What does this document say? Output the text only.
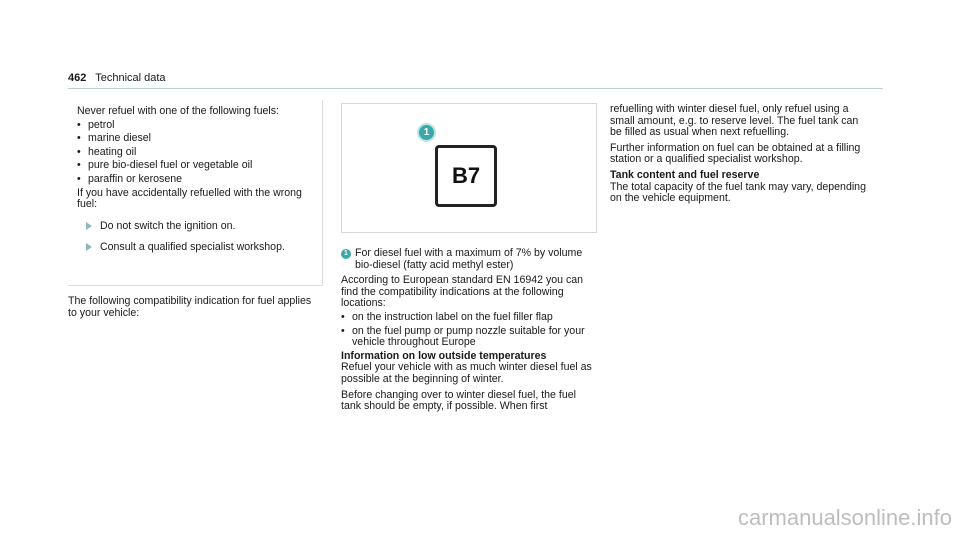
462 Technical data

Never refuel with one of the following fuels:

• petrol
• marine diesel
• heating oil
• pure bio-diesel fuel or vegetable oil
• paraffin or kerosene

If you have accidentally refuelled with the wrong fuel:

Do not switch the ignition on.
Consult a qualified specialist workshop.

The following compatibility indication for fuel applies to your vehicle:

1
B7
1 For diesel fuel with a maximum of 7% by volume bio-diesel (fatty acid methyl ester)

According to European standard EN 16942 you can find the compatibility indications at the following locations:

• on the instruction label on the fuel filler flap
• on the fuel pump or pump nozzle suitable for your vehicle throughout Europe

Information on low outside temperatures

Refuel your vehicle with as much winter diesel fuel as possible at the beginning of winter.

Before changing over to winter diesel fuel, the fuel tank should be empty, if possible. When first

refuelling with winter diesel fuel, only refuel using a small amount, e.g. to reserve level. The fuel tank can be filled as usual when next refuelling.

Further information on fuel can be obtained at a filling station or a qualified specialist workshop.

Tank content and fuel reserve

The total capacity of the fuel tank may vary, depending on the vehicle equipment.

carmanualsonline.info
